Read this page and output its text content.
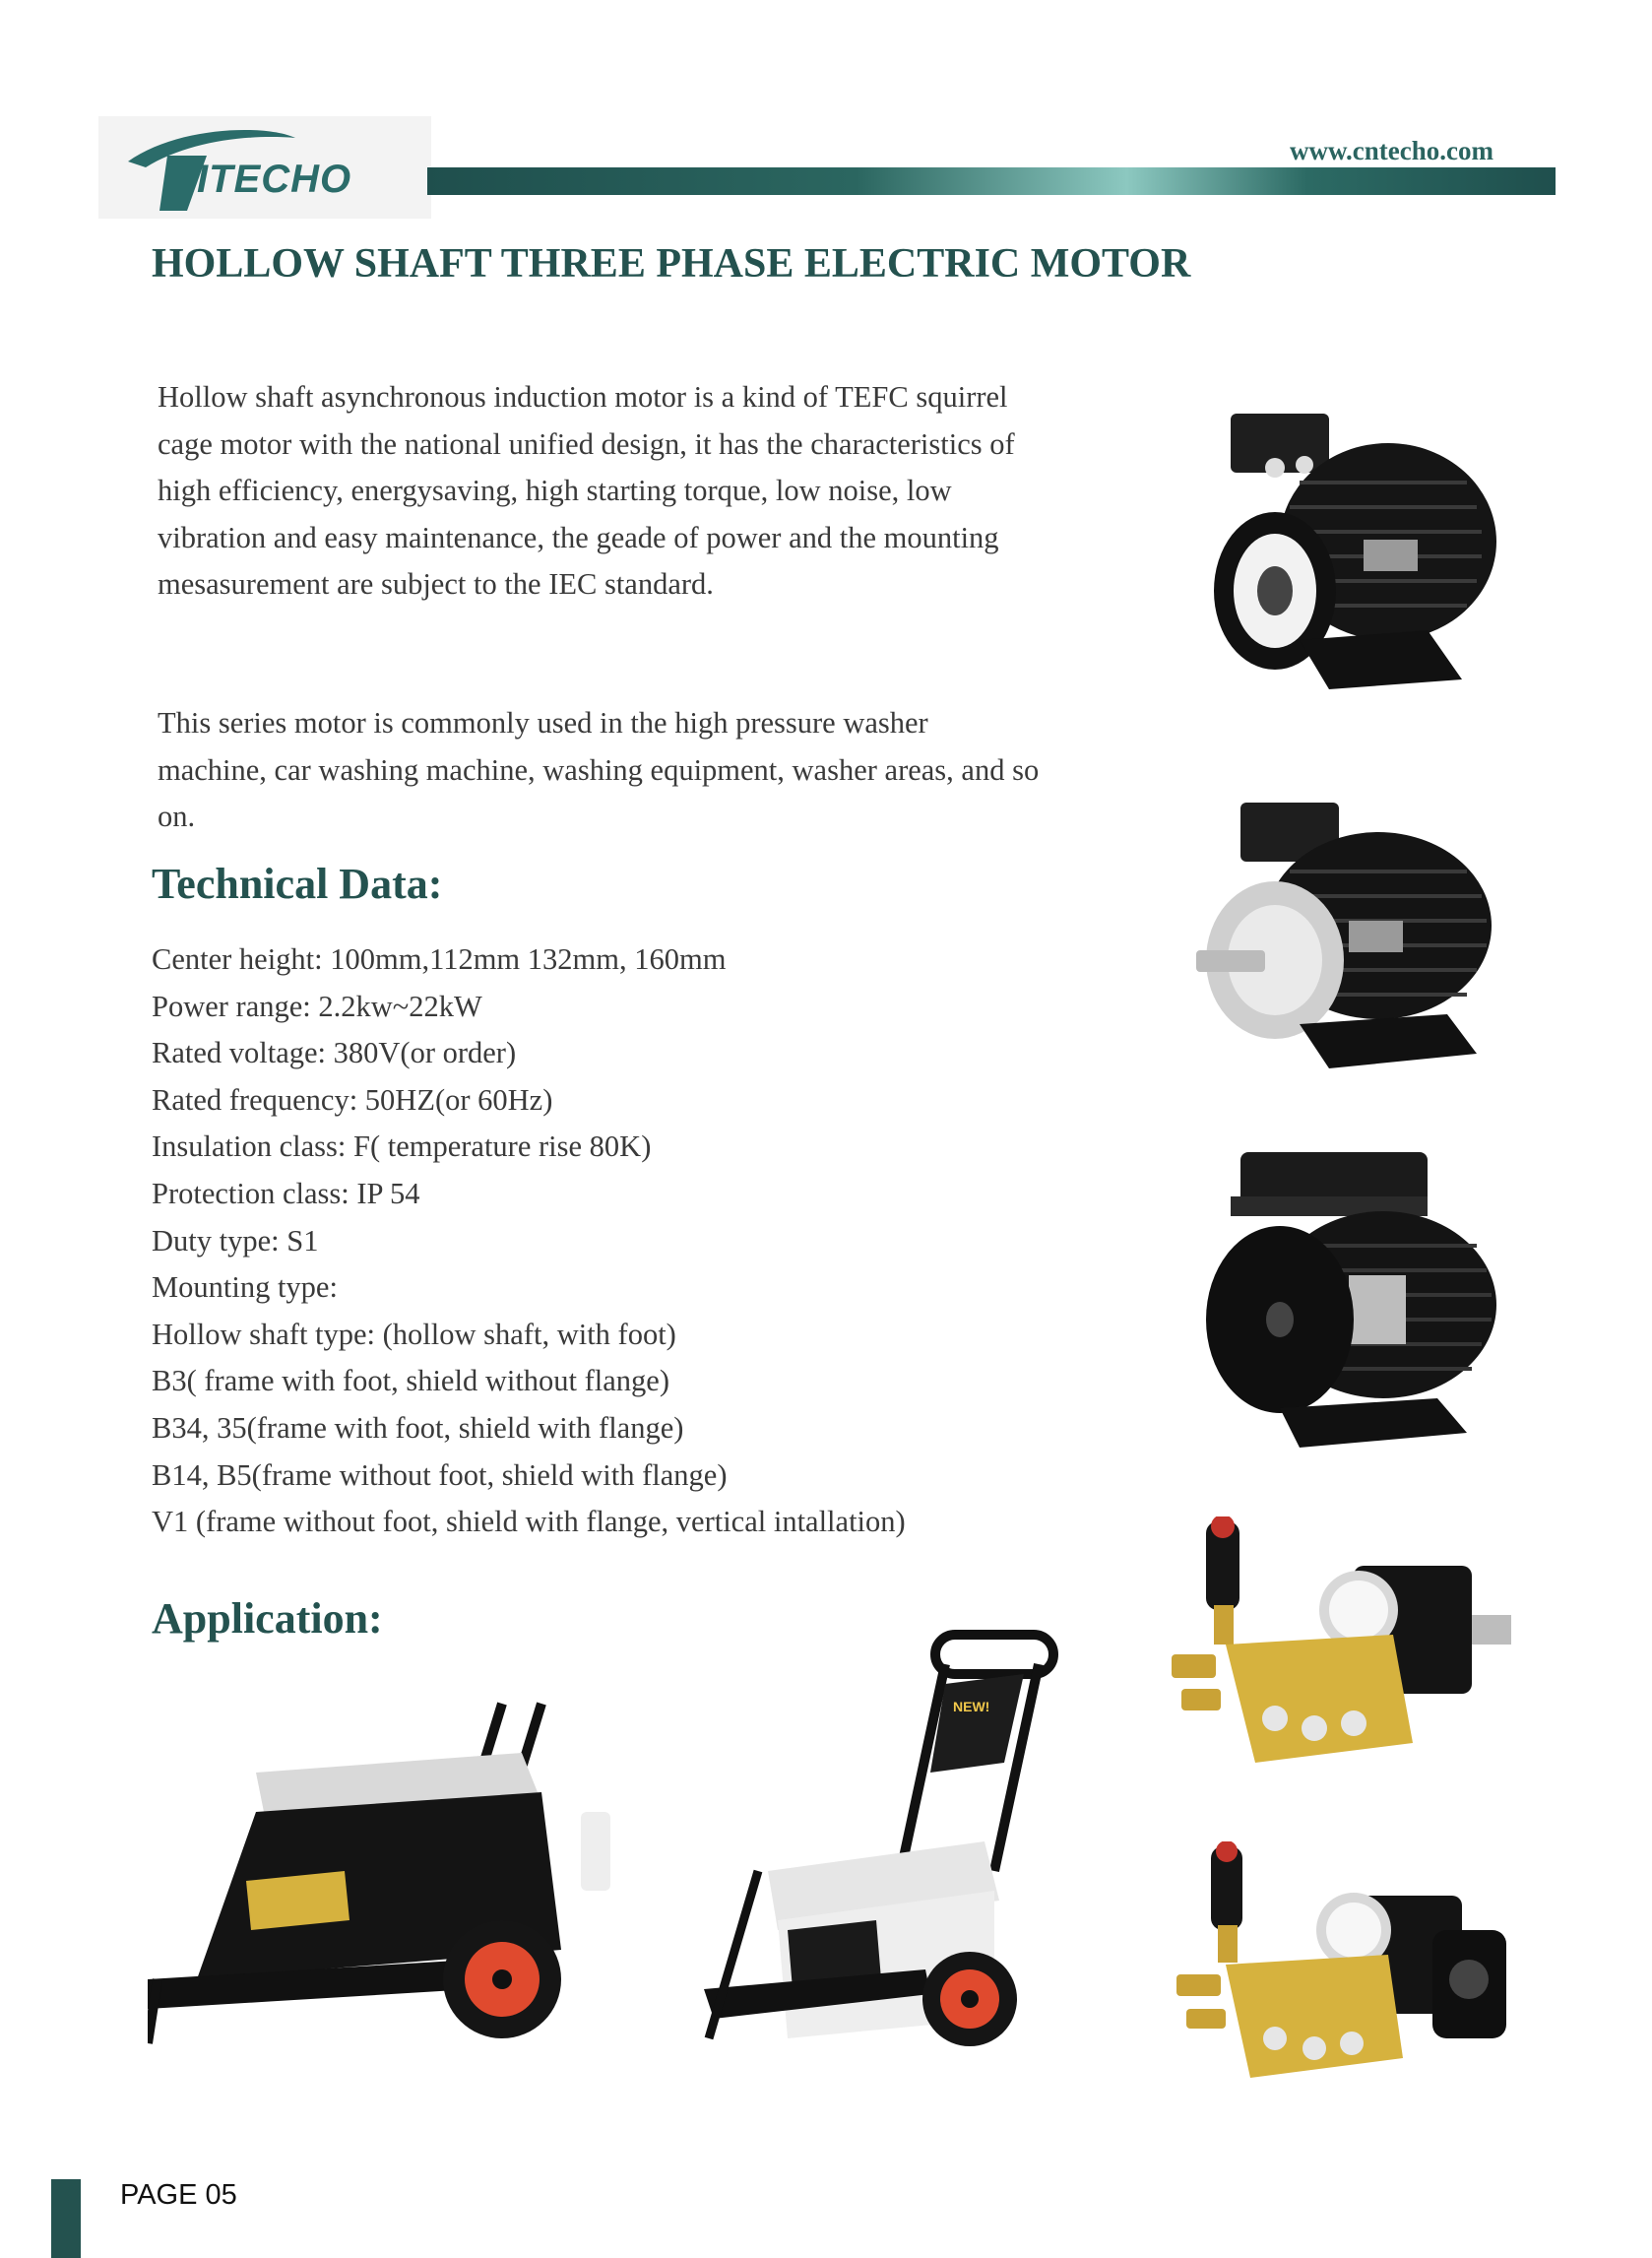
ITECHO
www.cntecho.com
HOLLOW SHAFT THREE PHASE ELECTRIC MOTOR
Hollow shaft asynchronous induction motor is a kind of TEFC squirrel cage motor with the national unified design, it has the characteristics of high efficiency, energysaving, high starting torque, low noise, low vibration and easy maintenance, the geade of power and the mounting mesasurement are subject to the IEC standard.
This series motor is commonly used in the high pressure washer machine, car washing machine, washing equipment, washer areas, and so on.
Technical Data:
Center height: 100mm,112mm 132mm, 160mm
Power range: 2.2kw~22kW
Rated voltage: 380V(or order)
Rated frequency: 50HZ(or 60Hz)
Insulation class: F( temperature rise 80K)
Protection class: IP 54
Duty type: S1
Mounting type:
Hollow shaft type: (hollow shaft, with foot)
B3( frame with foot, shield without flange)
B34, 35(frame with foot, shield with flange)
B14, B5(frame without foot, shield with flange)
V1 (frame without foot, shield with flange, vertical intallation)
Application:
NEW!
PAGE 05
